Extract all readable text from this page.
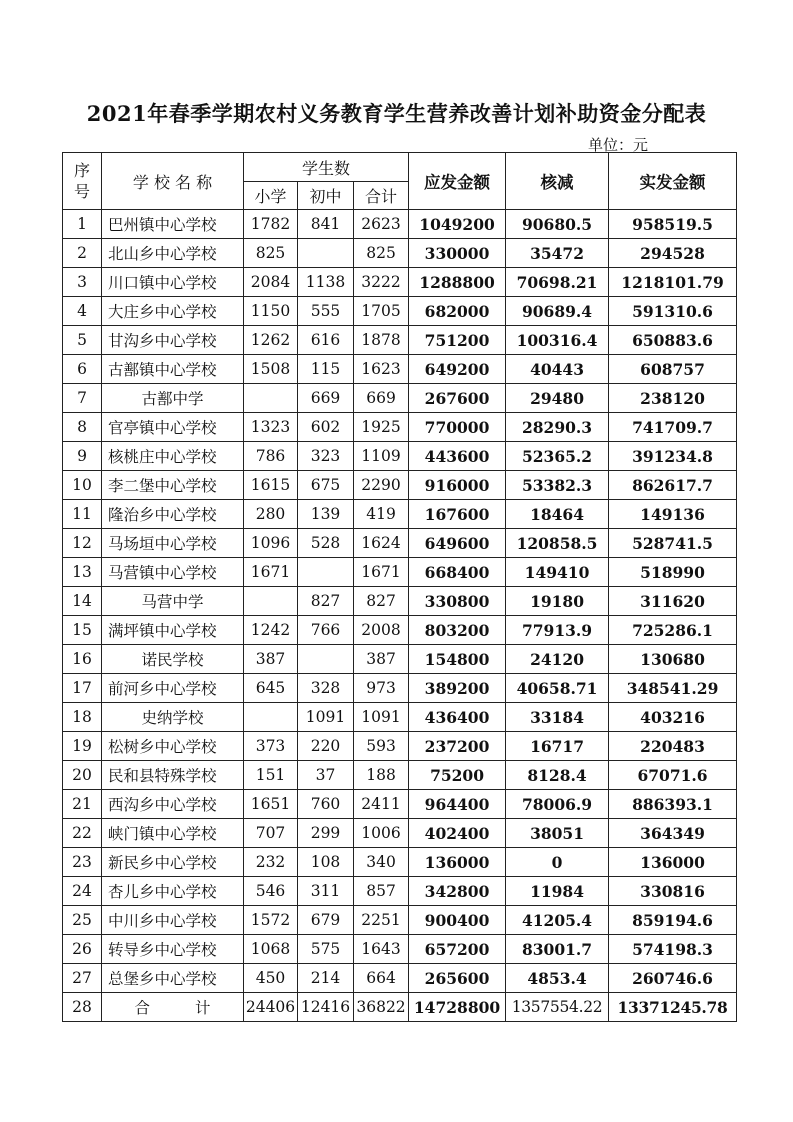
2021年春季学期农村义务教育学生营养改善计划补助资金分配表
单位：元
序
号	学 校 名 称	学生数			应发金额	核减	实发金额
		小学	初中	合计			
1	巴州镇中心学校	1782	841	2623	1049200	90680.5	958519.5
2	北山乡中心学校	825		825	330000	35472	294528
3	川口镇中心学校	2084	1138	3222	1288800	70698.21	1218101.79
4	大庄乡中心学校	1150	555	1705	682000	90689.4	591310.6
5	甘沟乡中心学校	1262	616	1878	751200	100316.4	650883.6
6	古鄯镇中心学校	1508	115	1623	649200	40443	608757
7	古鄯中学		669	669	267600	29480	238120
8	官亭镇中心学校	1323	602	1925	770000	28290.3	741709.7
9	核桃庄中心学校	786	323	1109	443600	52365.2	391234.8
10	李二堡中心学校	1615	675	2290	916000	53382.3	862617.7
11	隆治乡中心学校	280	139	419	167600	18464	149136
12	马场垣中心学校	1096	528	1624	649600	120858.5	528741.5
13	马营镇中心学校	1671		1671	668400	149410	518990
14	马营中学		827	827	330800	19180	311620
15	满坪镇中心学校	1242	766	2008	803200	77913.9	725286.1
16	诺民学校	387		387	154800	24120	130680
17	前河乡中心学校	645	328	973	389200	40658.71	348541.29
18	史纳学校		1091	1091	436400	33184	403216
19	松树乡中心学校	373	220	593	237200	16717	220483
20	民和县特殊学校	151	37	188	75200	8128.4	67071.6
21	西沟乡中心学校	1651	760	2411	964400	78006.9	886393.1
22	峡门镇中心学校	707	299	1006	402400	38051	364349
23	新民乡中心学校	232	108	340	136000	0	136000
24	杏儿乡中心学校	546	311	857	342800	11984	330816
25	中川乡中心学校	1572	679	2251	900400	41205.4	859194.6
26	转导乡中心学校	1068	575	1643	657200	83001.7	574198.3
27	总堡乡中心学校	450	214	664	265600	4853.4	260746.6
28	合 计	24406	12416	36822	14728800	1357554.22	13371245.78
